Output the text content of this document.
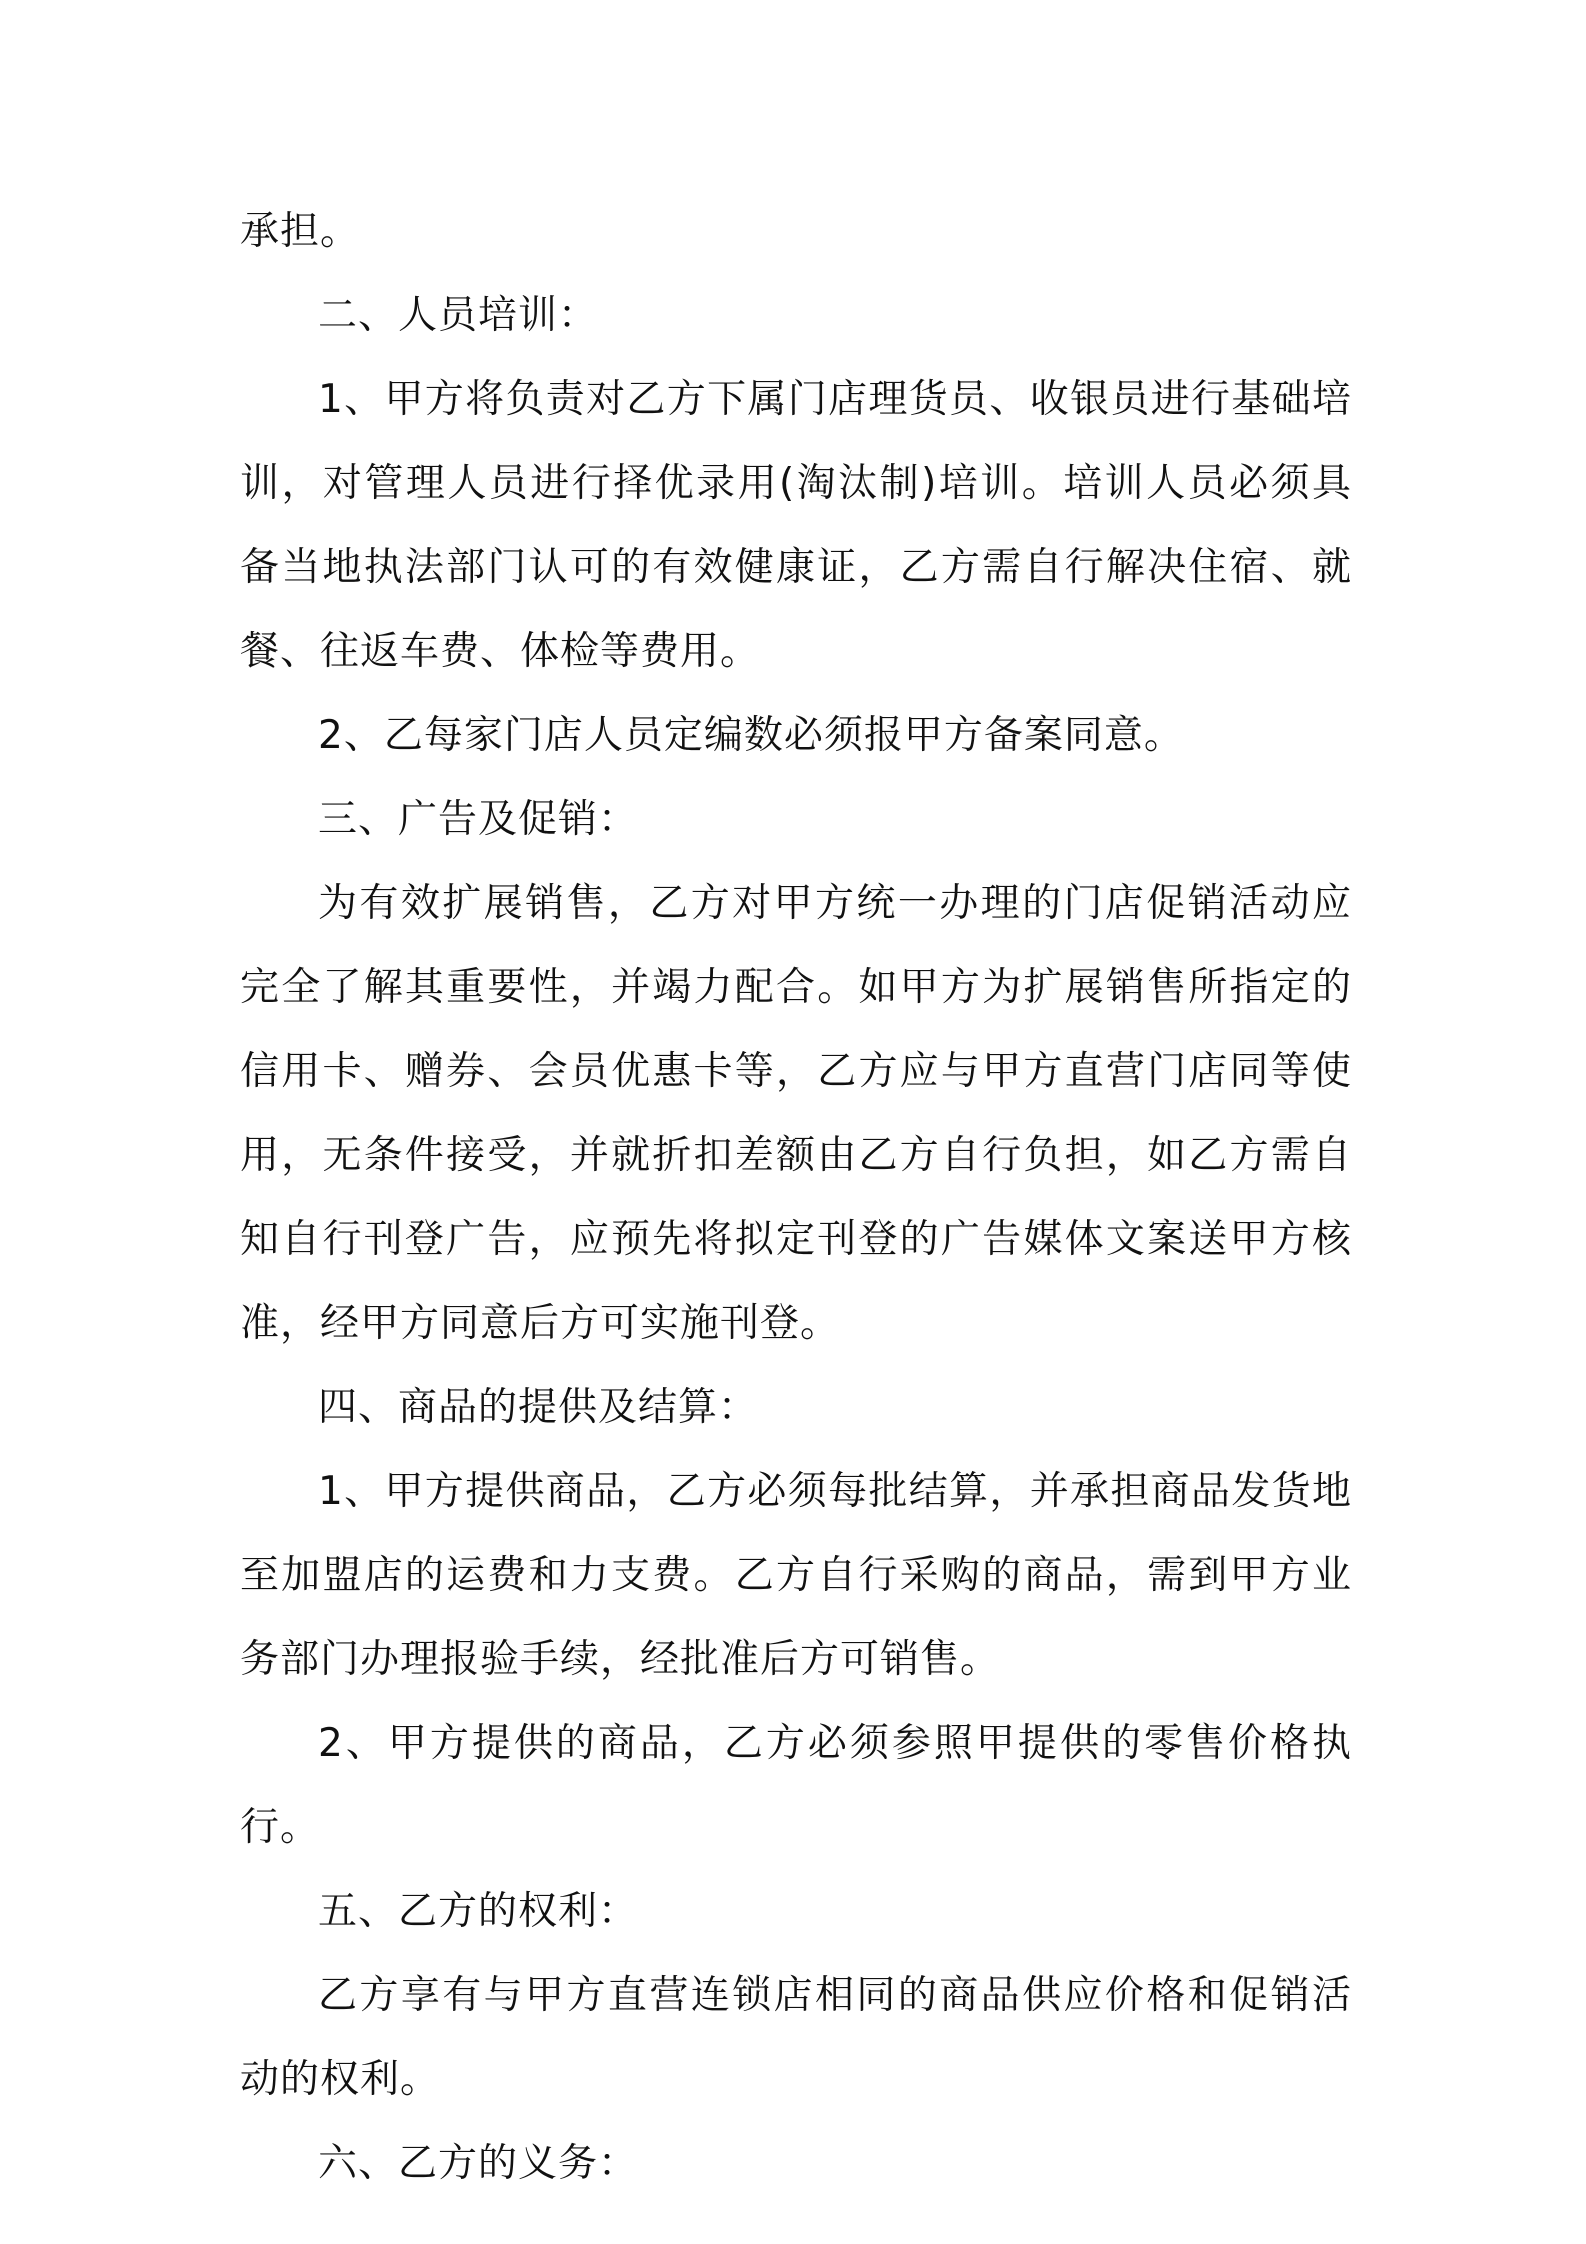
承担。

二、人员培训：

1、甲方将负责对乙方下属门店理货员、收银员进行基础培训，对管理人员进行择优录用(淘汰制)培训。培训人员必须具备当地执法部门认可的有效健康证，乙方需自行解决住宿、就餐、往返车费、体检等费用。

2、乙每家门店人员定编数必须报甲方备案同意。

三、广告及促销：

为有效扩展销售，乙方对甲方统一办理的门店促销活动应完全了解其重要性，并竭力配合。如甲方为扩展销售所指定的信用卡、赠券、会员优惠卡等，乙方应与甲方直营门店同等使用，无条件接受，并就折扣差额由乙方自行负担，如乙方需自知自行刊登广告，应预先将拟定刊登的广告媒体文案送甲方核准，经甲方同意后方可实施刊登。

四、商品的提供及结算：

1、甲方提供商品，乙方必须每批结算，并承担商品发货地至加盟店的运费和力支费。乙方自行采购的商品，需到甲方业务部门办理报验手续，经批准后方可销售。

2、甲方提供的商品，乙方必须参照甲提供的零售价格执行。

五、乙方的权利：

乙方享有与甲方直营连锁店相同的商品供应价格和促销活动的权利。

六、乙方的义务：
